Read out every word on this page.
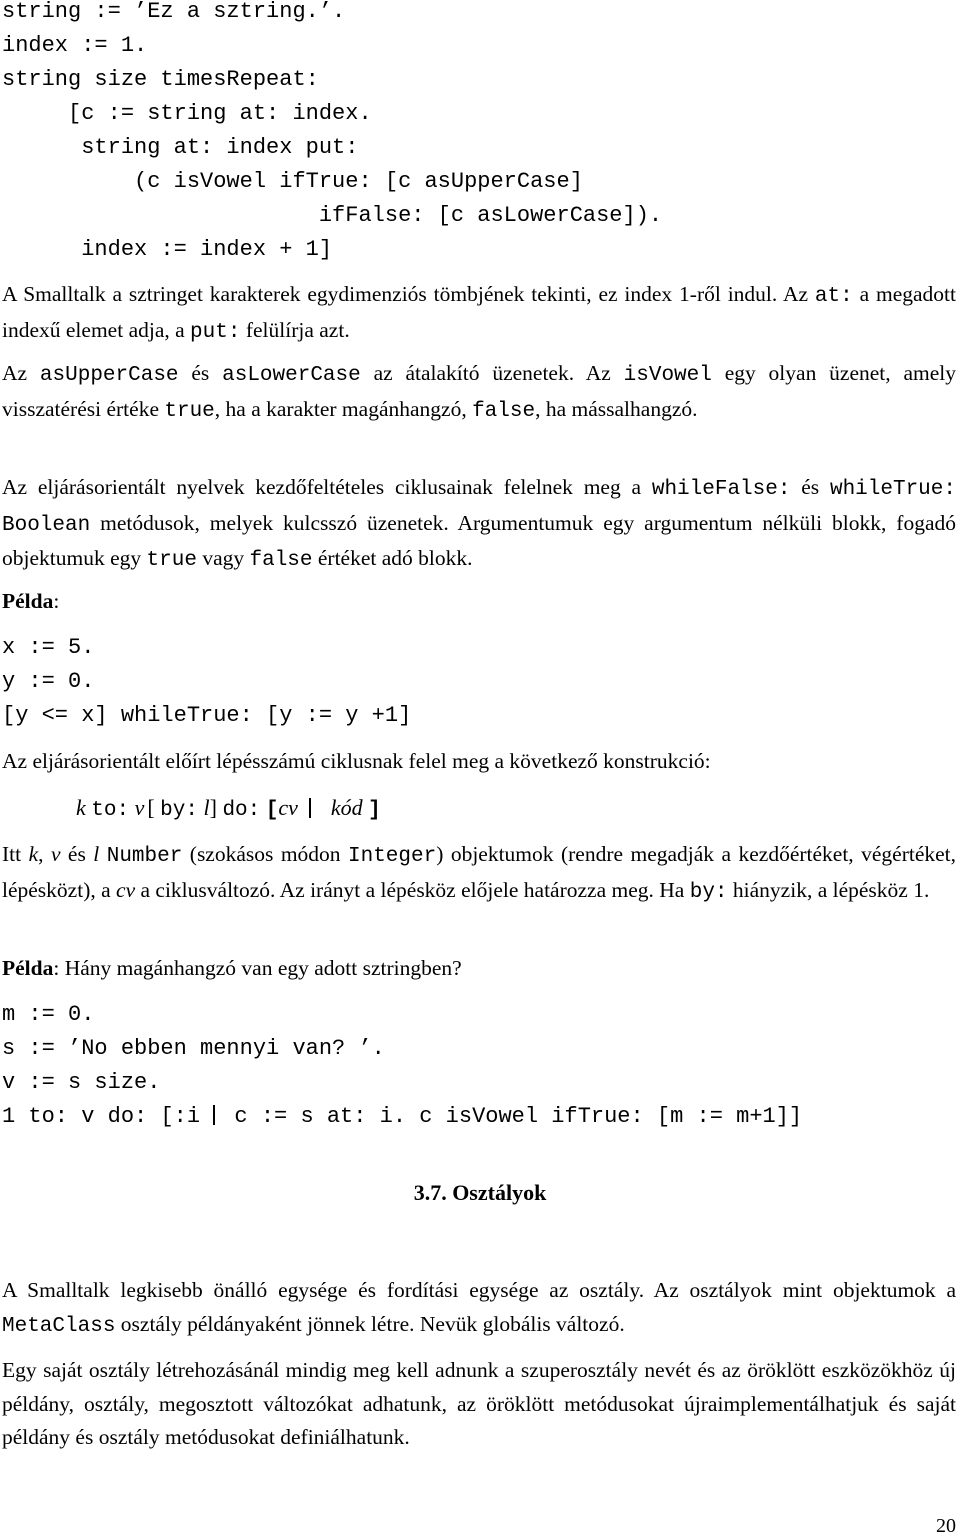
string := ’Ez a sztring.’.
index := 1.
string size timesRepeat:
[c := string at: index.
string at: index put:
(c isVowel ifTrue: [c asUpperCase]
ifFalse: [c asLowerCase]).
index := index + 1]

A Smalltalk a sztringet karakterek egydimenziós tömbjének tekinti, ez index 1-ről indul. Az at: a megadott indexű elemet adja, a put: felülírja azt.

Az asUpperCase és asLowerCase az átalakító üzenetek. Az isVowel egy olyan üzenet, amely visszatérési értéke true, ha a karakter magánhangzó, false, ha mássalhangzó.

Az eljárásorientált nyelvek kezdőfeltételes ciklusainak felelnek meg a whileFalse: és whileTrue: Boolean metódusok, melyek kulcsszó üzenetek. Argumentumuk egy argumentum nélküli blokk, fogadó objektumuk egy true vagy false értéket adó blokk.

Példa:

x := 5.
y := 0.
[y <= x] whileTrue: [y := y +1]

Az eljárásorientált előírt lépésszámú ciklusnak felel meg a következő konstrukció:

k to: v [ by: l] do: [cv kód ]

Itt k, v és l Number (szokásos módon Integer) objektumok (rendre megadják a kezdőértéket, végértéket, lépésközt), a cv a ciklusváltozó. Az irányt a lépésköz előjele határozza meg. Ha by: hiányzik, a lépésköz 1.

Példa: Hány magánhangzó van egy adott sztringben?

m := 0.
s := ’No ebben mennyi van? ’.
v := s size.
1 to: v do: [:i  c := s at: i. c isVowel ifTrue: [m := m+1]]
3.7. Osztályok

A Smalltalk legkisebb önálló egysége és fordítási egysége az osztály. Az osztályok mint objektumok a MetaClass osztály példányaként jönnek létre. Nevük globális változó.

Egy saját osztály létrehozásánál mindig meg kell adnunk a szuperosztály nevét és az öröklött eszközökhöz új példány, osztály, megosztott változókat adhatunk, az öröklött metódusokat újraimplementálhatjuk és saját példány és osztály metódusokat definiálhatunk.

20
